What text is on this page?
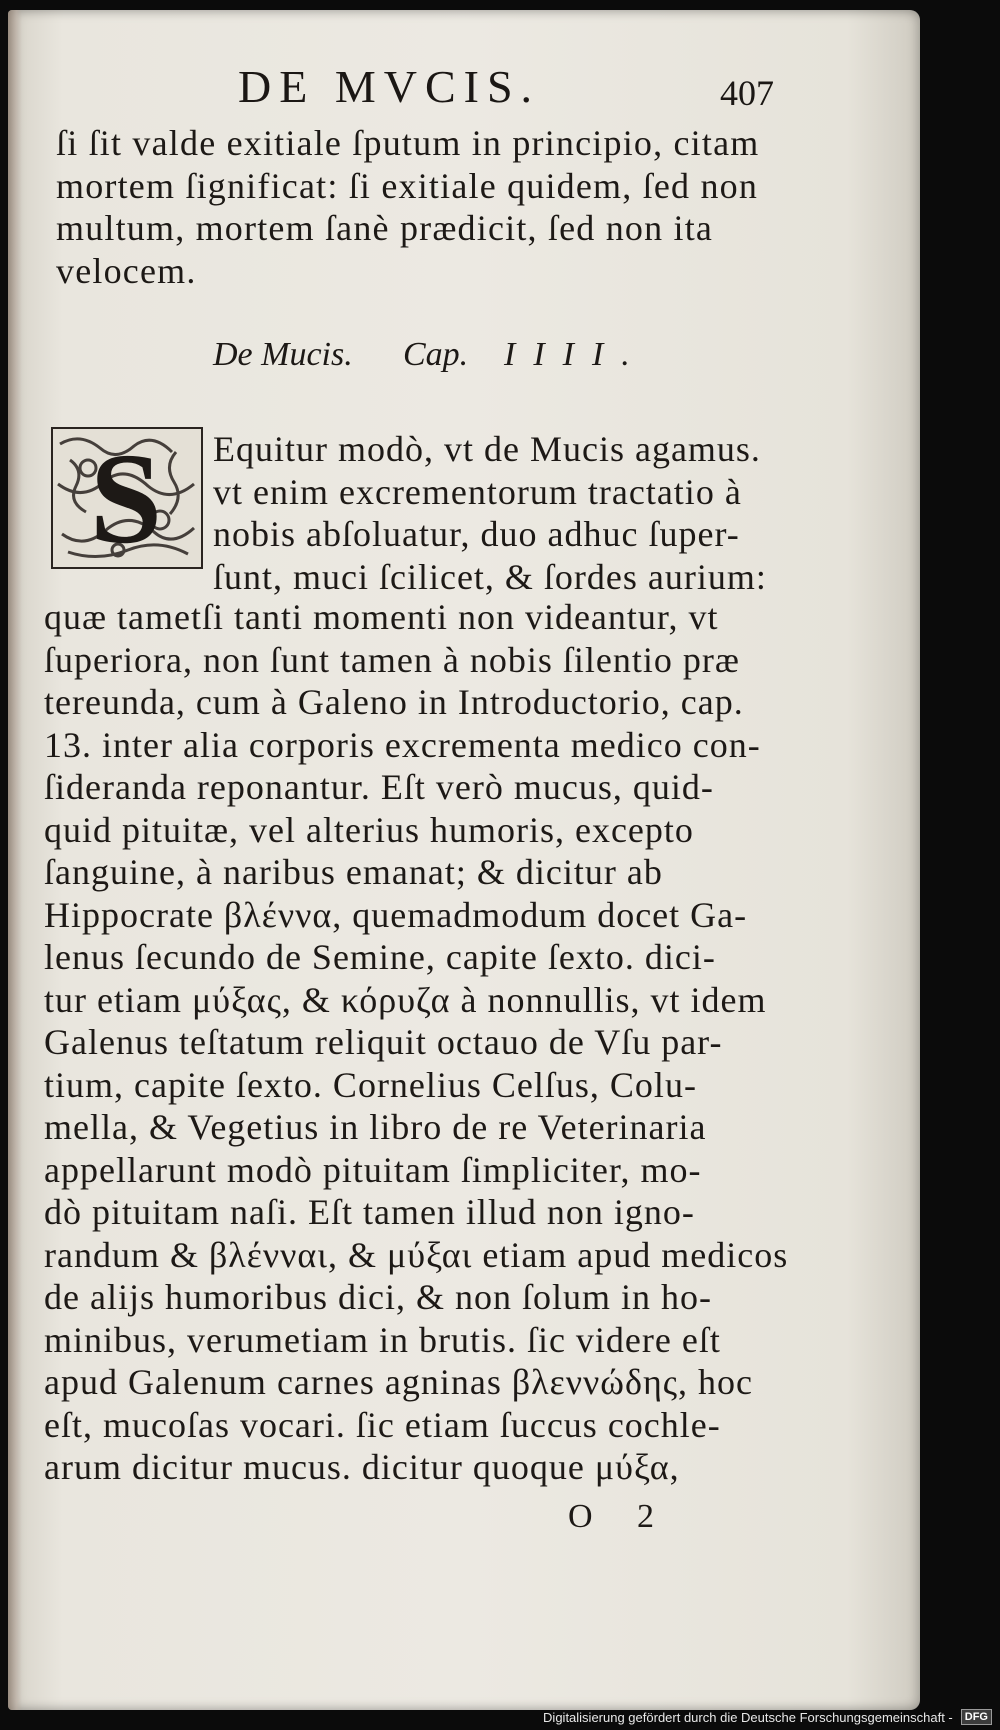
DE MVCIS.	407
ſi ſit valde exitiale ſputum in principio, citam
mortem ſignificat: ſi exitiale quidem, ſed non
multum, mortem ſanè prædicit, ſed non ita
velocem.
De Mucis. Cap. IIII.
S Equitur modò, vt de Mucis agamus.
vt enim excrementorum tractatio à
nobis abſoluatur, duo adhuc ſuper-
ſunt, muci ſcilicet, & ſordes aurium:
quæ tametſi tanti momenti non videantur, vt
ſuperiora, non ſunt tamen à nobis ſilentio præ
tereunda, cum à Galeno in Introductorio, cap.
13. inter alia corporis excrementa medico con-
ſideranda reponantur. Eſt verò mucus, quid-
quid pituitæ, vel alterius humoris, excepto
ſanguine, à naribus emanat; & dicitur ab
Hippocrate βλέννα, quemadmodum docet Ga-
lenus ſecundo de Semine, capite ſexto. dici-
tur etiam μύξας, & κόρυζα à nonnullis, vt idem
Galenus teſtatum reliquit octauo de Vſu par-
tium, capite ſexto. Cornelius Celſus, Colu-
mella, & Vegetius in libro de re Veterinaria
appellarunt modò pituitam ſimpliciter, mo-
dò pituitam naſi. Eſt tamen illud non igno-
randum & βλένναι, & μύξαι etiam apud medicos
de alijs humoribus dici, & non ſolum in ho-
minibus, verumetiam in brutis. ſic videre eſt
apud Galenum carnes agninas βλεννώδης, hoc
eſt, mucoſas vocari. ſic etiam ſuccus cochle-
arum dicitur mucus. dicitur quoque μύξα,
O 2
Digitalisierung gefördert durch die Deutsche Forschungsgemeinschaft -	DFG
